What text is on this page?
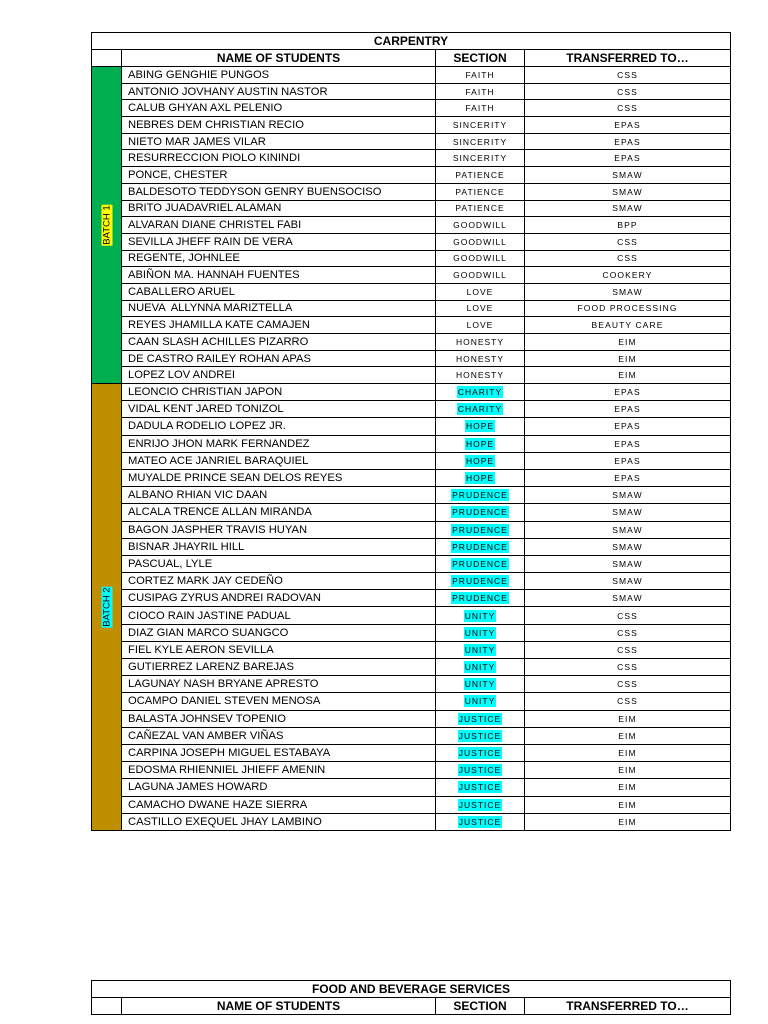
CARPENTRY
NAME OF STUDENTS	SECTION	TRANSFERRED TO…
BATCH 1
ABING GENGHIE PUNGOS	FAITH	CSS
ANTONIO JOVHANY AUSTIN NASTOR	FAITH	CSS
CALUB GHYAN AXL PELENIO	FAITH	CSS
NEBRES DEM CHRISTIAN RECIO	SINCERITY	EPAS
NIETO MAR JAMES VILAR	SINCERITY	EPAS
RESURRECCION PIOLO KININDI	SINCERITY	EPAS
PONCE, CHESTER	PATIENCE	SMAW
BALDESOTO TEDDYSON GENRY BUENSOCISO	PATIENCE	SMAW
BRITO JUADAVRIEL ALAMAN	PATIENCE	SMAW
ALVARAN DIANE CHRISTEL FABI	GOODWILL	BPP
SEVILLA JHEFF RAIN DE VERA	GOODWILL	CSS
REGENTE, JOHNLEE	GOODWILL	CSS
ABIÑON MA. HANNAH FUENTES	GOODWILL	COOKERY
CABALLERO ARUEL	LOVE	SMAW
NUEVA  ALLYNNA MARIZTELLA	LOVE	FOOD PROCESSING
REYES JHAMILLA KATE CAMAJEN	LOVE	BEAUTY CARE
CAAN SLASH ACHILLES PIZARRO	HONESTY	EIM
DE CASTRO RAILEY ROHAN APAS	HONESTY	EIM
LOPEZ LOV ANDREI	HONESTY	EIM
BATCH 2
LEONCIO CHRISTIAN JAPON	CHARITY	EPAS
VIDAL KENT JARED TONIZOL	CHARITY	EPAS
DADULA RODELIO LOPEZ JR.	HOPE	EPAS
ENRIJO JHON MARK FERNANDEZ	HOPE	EPAS
MATEO ACE JANRIEL BARAQUIEL	HOPE	EPAS
MUYALDE PRINCE SEAN DELOS REYES	HOPE	EPAS
ALBANO RHIAN VIC DAAN	PRUDENCE	SMAW
ALCALA TRENCE ALLAN MIRANDA	PRUDENCE	SMAW
BAGON JASPHER TRAVIS HUYAN	PRUDENCE	SMAW
BISNAR JHAYRIL HILL	PRUDENCE	SMAW
PASCUAL, LYLE	PRUDENCE	SMAW
CORTEZ MARK JAY CEDEÑO	PRUDENCE	SMAW
CUSIPAG ZYRUS ANDREI RADOVAN	PRUDENCE	SMAW
CIOCO RAIN JASTINE PADUAL	UNITY	CSS
DIAZ GIAN MARCO SUANGCO	UNITY	CSS
FIEL KYLE AERON SEVILLA	UNITY	CSS
GUTIERREZ LARENZ BAREJAS	UNITY	CSS
LAGUNAY NASH BRYANE APRESTO	UNITY	CSS
OCAMPO DANIEL STEVEN MENOSA	UNITY	CSS
BALASTA JOHNSEV TOPENIO	JUSTICE	EIM
CAÑEZAL VAN AMBER VIÑAS	JUSTICE	EIM
CARPINA JOSEPH MIGUEL ESTABAYA	JUSTICE	EIM
EDOSMA RHIENNIEL JHIEFF AMENIN	JUSTICE	EIM
LAGUNA JAMES HOWARD	JUSTICE	EIM
CAMACHO DWANE HAZE SIERRA	JUSTICE	EIM
CASTILLO EXEQUEL JHAY LAMBINO	JUSTICE	EIM
FOOD AND BEVERAGE SERVICES
NAME OF STUDENTS	SECTION	TRANSFERRED TO…
